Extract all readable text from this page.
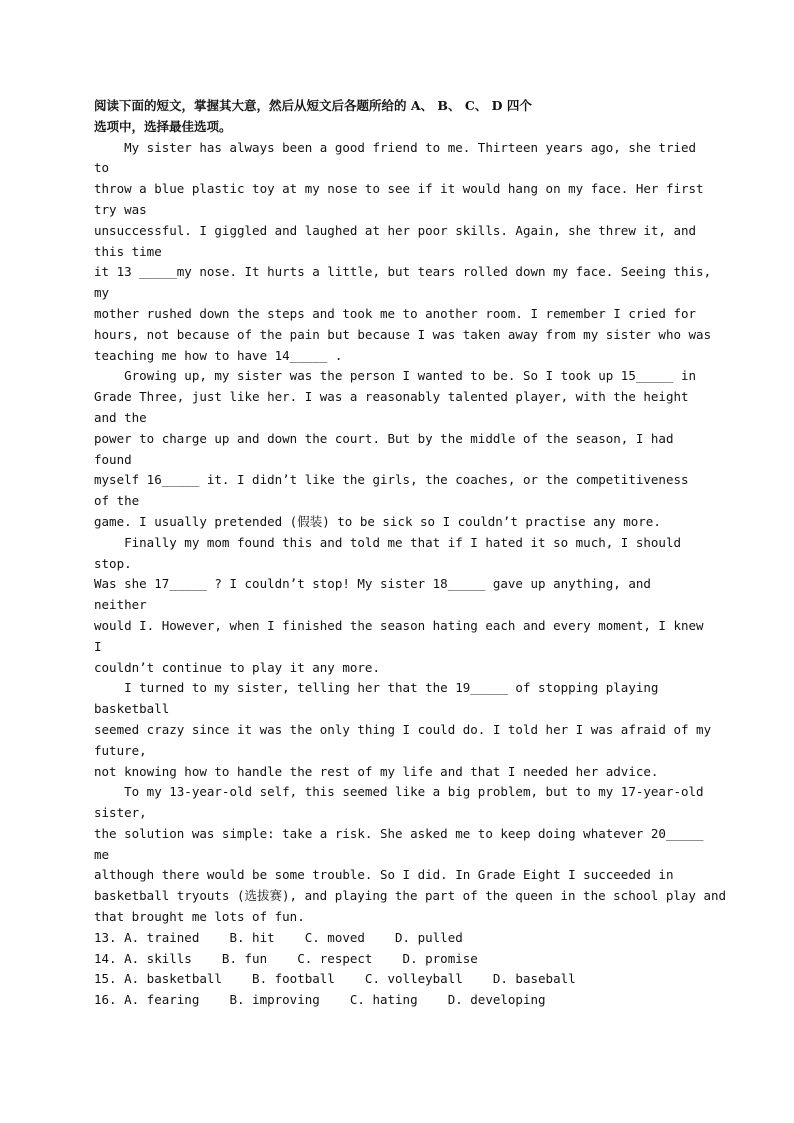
阅读下面的短文，掌握其大意，然后从短文后各题所给的 A、 B、 C、 D 四个
选项中，选择最佳选项。
My sister has always been a good friend to me. Thirteen years ago, she tried
to
throw a blue plastic toy at my nose to see if it would hang on my face. Her first
try was
unsuccessful. I giggled and laughed at her poor skills. Again, she threw it, and
this time
it 13 _____my nose. It hurts a little, but tears rolled down my face. Seeing this,
my
mother rushed down the steps and took me to another room. I remember I cried for
hours, not because of the pain but because I was taken away from my sister who was
teaching me how to have 14_____ .
Growing up, my sister was the person I wanted to be. So I took up 15_____ in
Grade Three, just like her. I was a reasonably talented player, with the height
and the
power to charge up and down the court. But by the middle of the season, I had
found
myself 16_____ it. I didn’t like the girls, the coaches, or the competitiveness
of the
game. I usually pretended (假装) to be sick so I couldn’t practise any more.
Finally my mom found this and told me that if I hated it so much, I should
stop.
Was she 17_____ ? I couldn’t stop! My sister 18_____ gave up anything, and
neither
would I. However, when I finished the season hating each and every moment, I knew
I
couldn’t continue to play it any more.
I turned to my sister, telling her that the 19_____ of stopping playing
basketball
seemed crazy since it was the only thing I could do. I told her I was afraid of my
future,
not knowing how to handle the rest of my life and that I needed her advice.
To my 13-year-old self, this seemed like a big problem, but to my 17-year-old
sister,
the solution was simple: take a risk. She asked me to keep doing whatever 20_____
me
although there would be some trouble. So I did. In Grade Eight I succeeded in
basketball tryouts (选拔赛), and playing the part of the queen in the school play and
that brought me lots of fun.
13. A. trained    B. hit    C. moved    D. pulled
14. A. skills    B. fun    C. respect    D. promise
15. A. basketball    B. football    C. volleyball    D. baseball
16. A. fearing    B. improving    C. hating    D. developing
